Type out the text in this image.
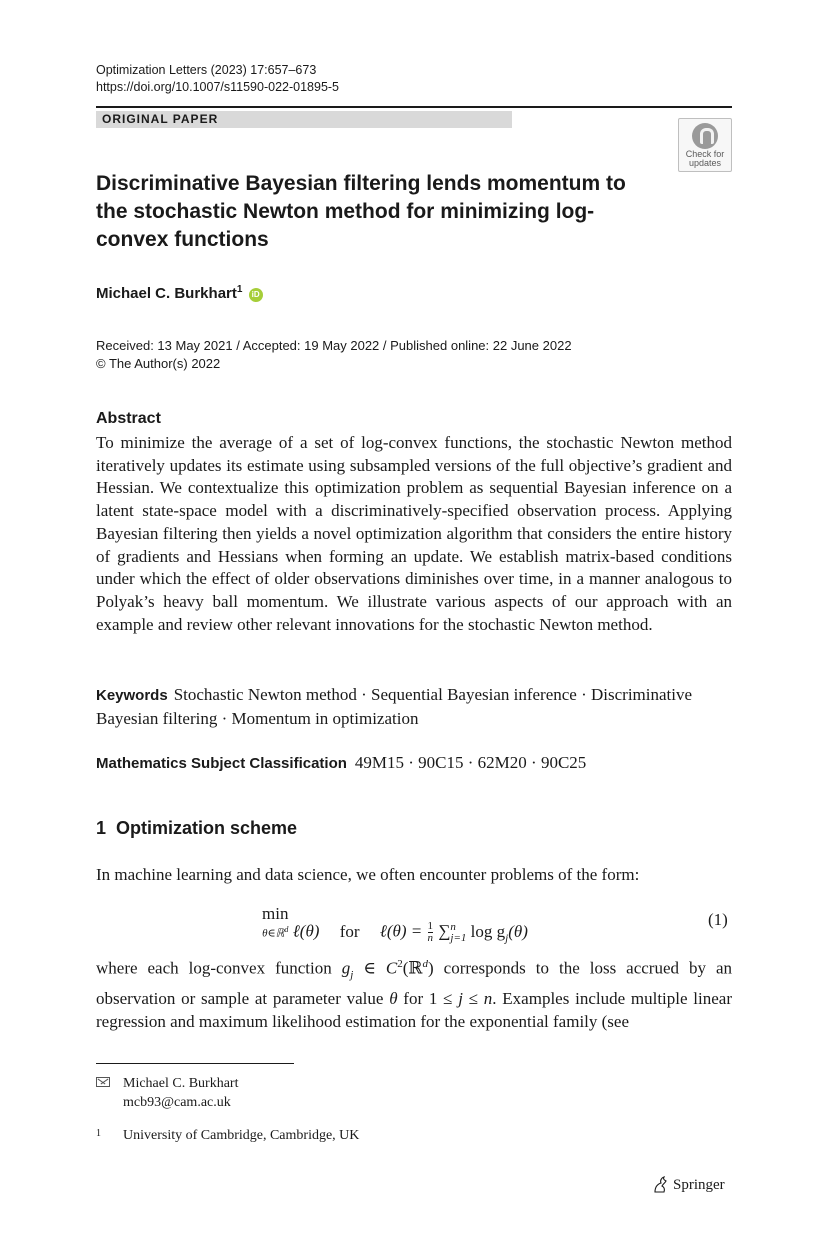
Optimization Letters (2023) 17:657–673
https://doi.org/10.1007/s11590-022-01895-5
ORIGINAL PAPER
Check for
updates
Discriminative Bayesian filtering lends momentum to the stochastic Newton method for minimizing log-convex functions
Michael C. Burkhart$^1$ iD
Received: 13 May 2021 / Accepted: 19 May 2022 / Published online: 22 June 2022
© The Author(s) 2022
Abstract

To minimize the average of a set of log-convex functions, the stochastic Newton method iteratively updates its estimate using subsampled versions of the full objective’s gradient and Hessian. We contextualize this optimization problem as sequential Bayesian inference on a latent state-space model with a discriminatively-specified observation process. Applying Bayesian filtering then yields a novel optimization algorithm that considers the entire history of gradients and Hessians when forming an update. We establish matrix-based conditions under which the effect of older observations diminishes over time, in a manner analogous to Polyak’s heavy ball momentum. We illustrate various aspects of our approach with an example and review other relevant innovations for the stochastic Newton method.

Keywords Stochastic Newton method · Sequential Bayesian inference · Discriminative Bayesian filtering · Momentum in optimization
Mathematics Subject Classification 49M15 · 90C15 · 62M20 · 90C25
1 Optimization scheme
In machine learning and data science, we often encounter problems of the form:
min
θ∈ℝ$^d$ ℓ(θ) for ℓ(θ) = $\frac{1}{n}$ ∑ n
j=1 $\log g_j(\theta)$
(1)

where each log-convex function $g_j$ ∈ $C^2(ℝ^d)$ corresponds to the loss accrued by an observation or sample at parameter value θ for 1 ≤ j ≤ n. Examples include multiple linear regression and maximum likelihood estimation for the exponential family (see

Michael C. Burkhart
mcb93@cam.ac.uk
1 University of Cambridge, Cambridge, UK
Springer
